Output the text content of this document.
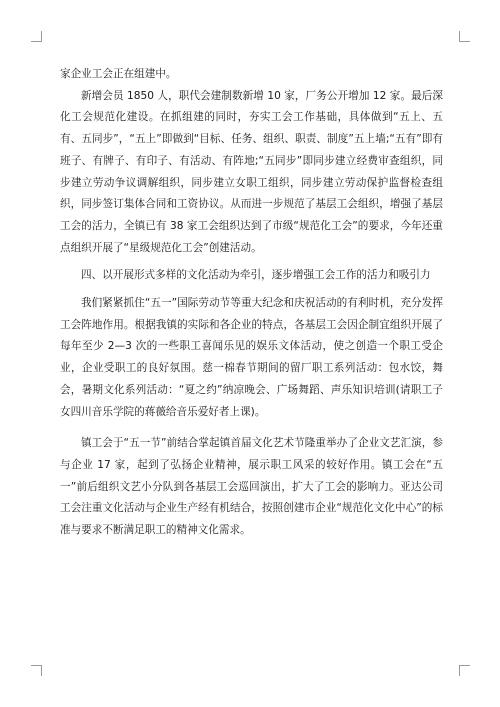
家企业工会正在组建中。

新增会员 1850 人，职代会建制数新增 10 家，厂务公开增加 12 家。最后深化工会规范化建设。在抓组建的同时，夯实工会工作基础，具体做到“五上、五有、五同步”，“五上”即做到“目标、任务、组织、职责、制度”五上墙;“五有”即有班子、有牌子、有印子、有活动、有阵地;“五同步”即同步建立经费审查组织，同步建立劳动争议调解组织，同步建立女职工组织，同步建立劳动保护监督检查组织，同步签订集体合同和工资协议。从而进一步规范了基层工会组织，增强了基层工会的活力，全镇已有 38 家工会组织达到了市级“规范化工会”的要求，今年还重点组织开展了“星级规范化工会”创建活动。

四、以开展形式多样的文化活动为牵引，逐步增强工会工作的活力和吸引力

我们紧紧抓住“五一”国际劳动节等重大纪念和庆祝活动的有利时机，充分发挥工会阵地作用。根据我镇的实际和各企业的特点，各基层工会因企制宜组织开展了每年至少 2—3 次的一些职工喜闻乐见的娱乐文体活动，使之创造一个职工受企业，企业受职工的良好氛围。慈一棉春节期间的留厂职工系列活动：包水饺，舞会，暑期文化系列活动：“夏之约”纳凉晚会、广场舞蹈、声乐知识培训(请职工子女四川音乐学院的蒋薇给音乐爱好者上课)。

镇工会于“五一节”前结合掌起镇首届文化艺术节隆重举办了企业文艺汇演，参与企业 17 家，起到了弘扬企业精神，展示职工风采的较好作用。镇工会在“五一”前后组织文艺小分队到各基层工会巡回演出，扩大了工会的影响力。亚达公司工会注重文化活动与企业生产经有机结合，按照创建市企业“规范化文化中心”的标准与要求不断满足职工的精神文化需求。
